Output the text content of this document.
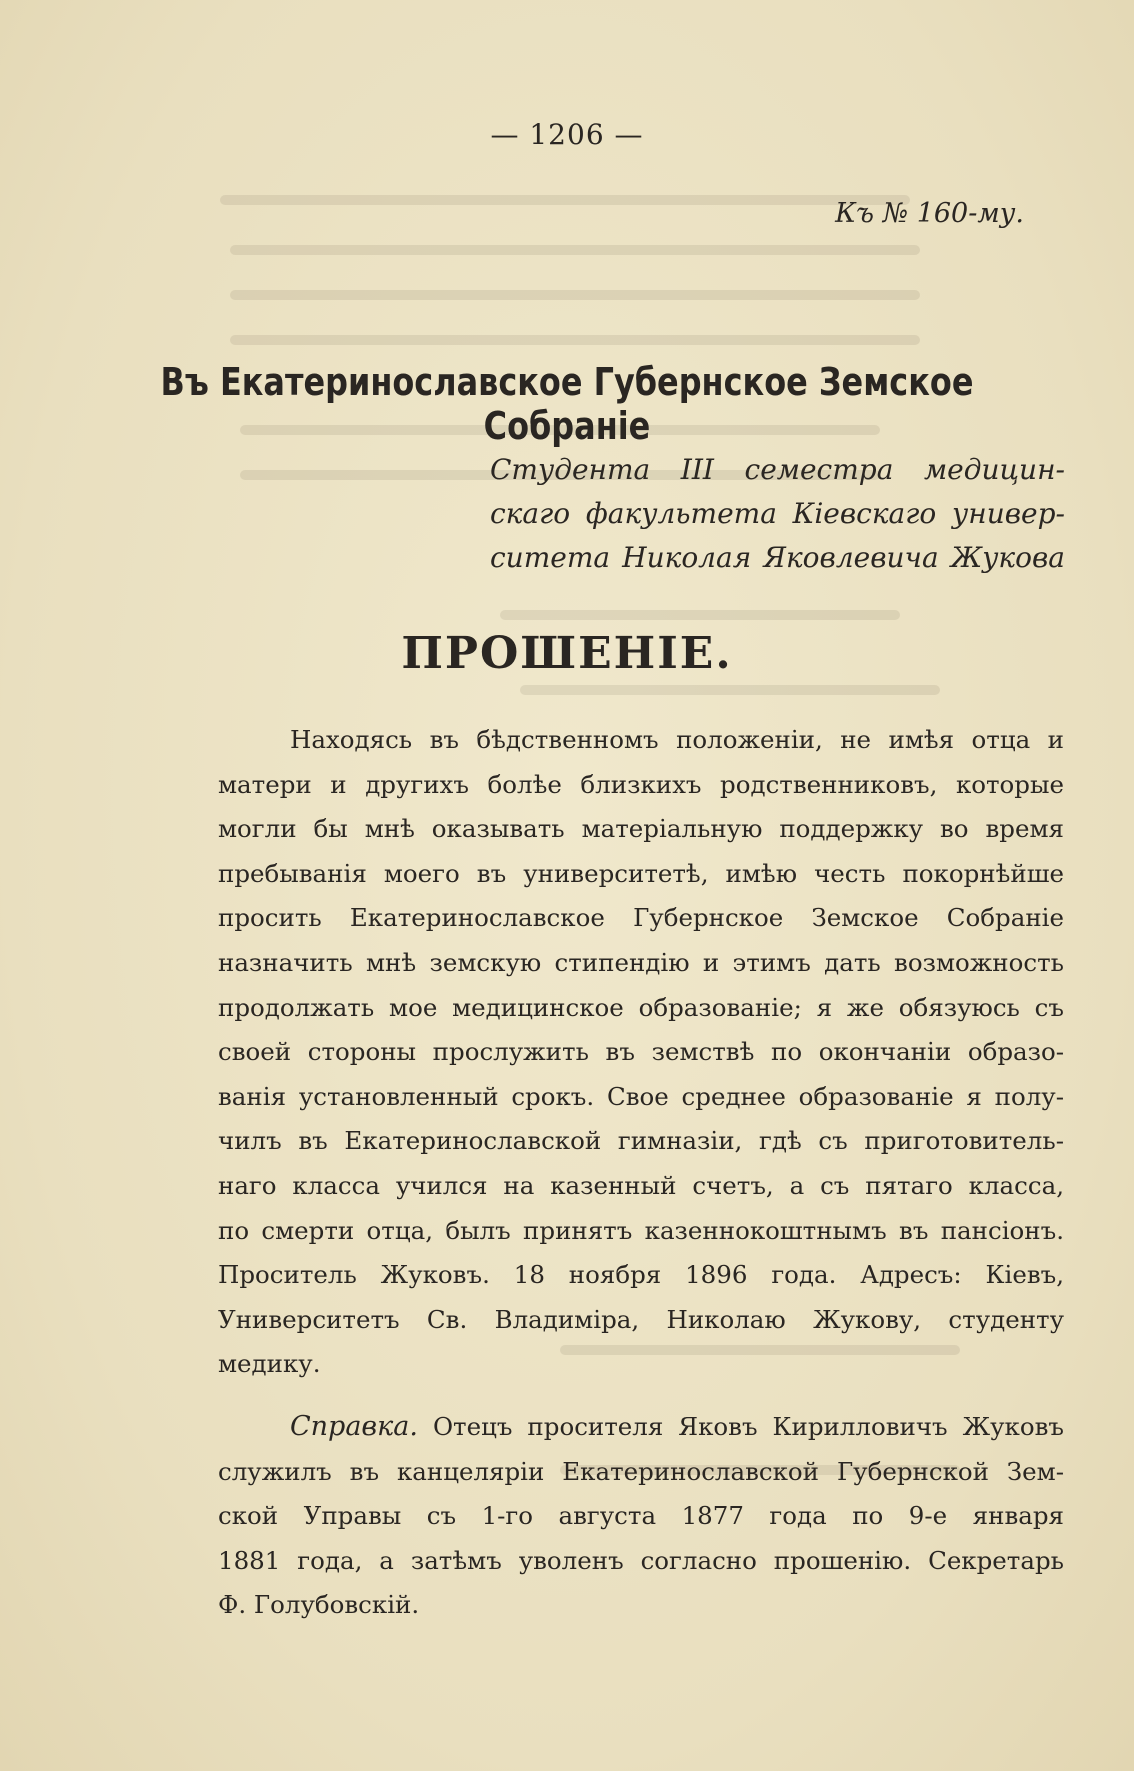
— 1206 —
Къ № 160-му.
Въ Екатеринославское Губернское Земское Собраніе
Студента III семестра медицин-
скаго факультета Кіевскаго универ-
ситета Николая Яковлевича Жукова
ПРОШЕНІЕ.
Находясь въ бѣдственномъ положеніи, не имѣя отца и
матери и другихъ болѣе близкихъ родственниковъ, которые
могли бы мнѣ оказывать матеріальную поддержку во время
пребыванія моего въ университетѣ, имѣю честь покорнѣйше
просить Екатеринославское Губернское Земское Собраніе
назначить мнѣ земскую стипендію и этимъ дать возможность
продолжать мое медицинское образованіе; я же обязуюсь съ
своей стороны прослужить въ земствѣ по окончаніи образо-
ванія установленный срокъ. Свое среднее образованіе я полу-
чилъ въ Екатеринославской гимназіи, гдѣ съ приготовитель-
наго класса учился на казенный счетъ, а съ пятаго класса,
по смерти отца, былъ принятъ казеннокоштнымъ въ пансіонъ.
Проситель Жуковъ. 18 ноября 1896 года. Адресъ: Кіевъ,
Университетъ Св. Владиміра, Николаю Жукову, студенту
медику.
Справка. Отецъ просителя Яковъ Кирилловичъ Жуковъ
служилъ въ канцеляріи Екатеринославской Губернской Зем-
ской Управы съ 1-го августа 1877 года по 9-е января
1881 года, а затѣмъ уволенъ согласно прошенію. Секретарь
Ф. Голубовскій.
